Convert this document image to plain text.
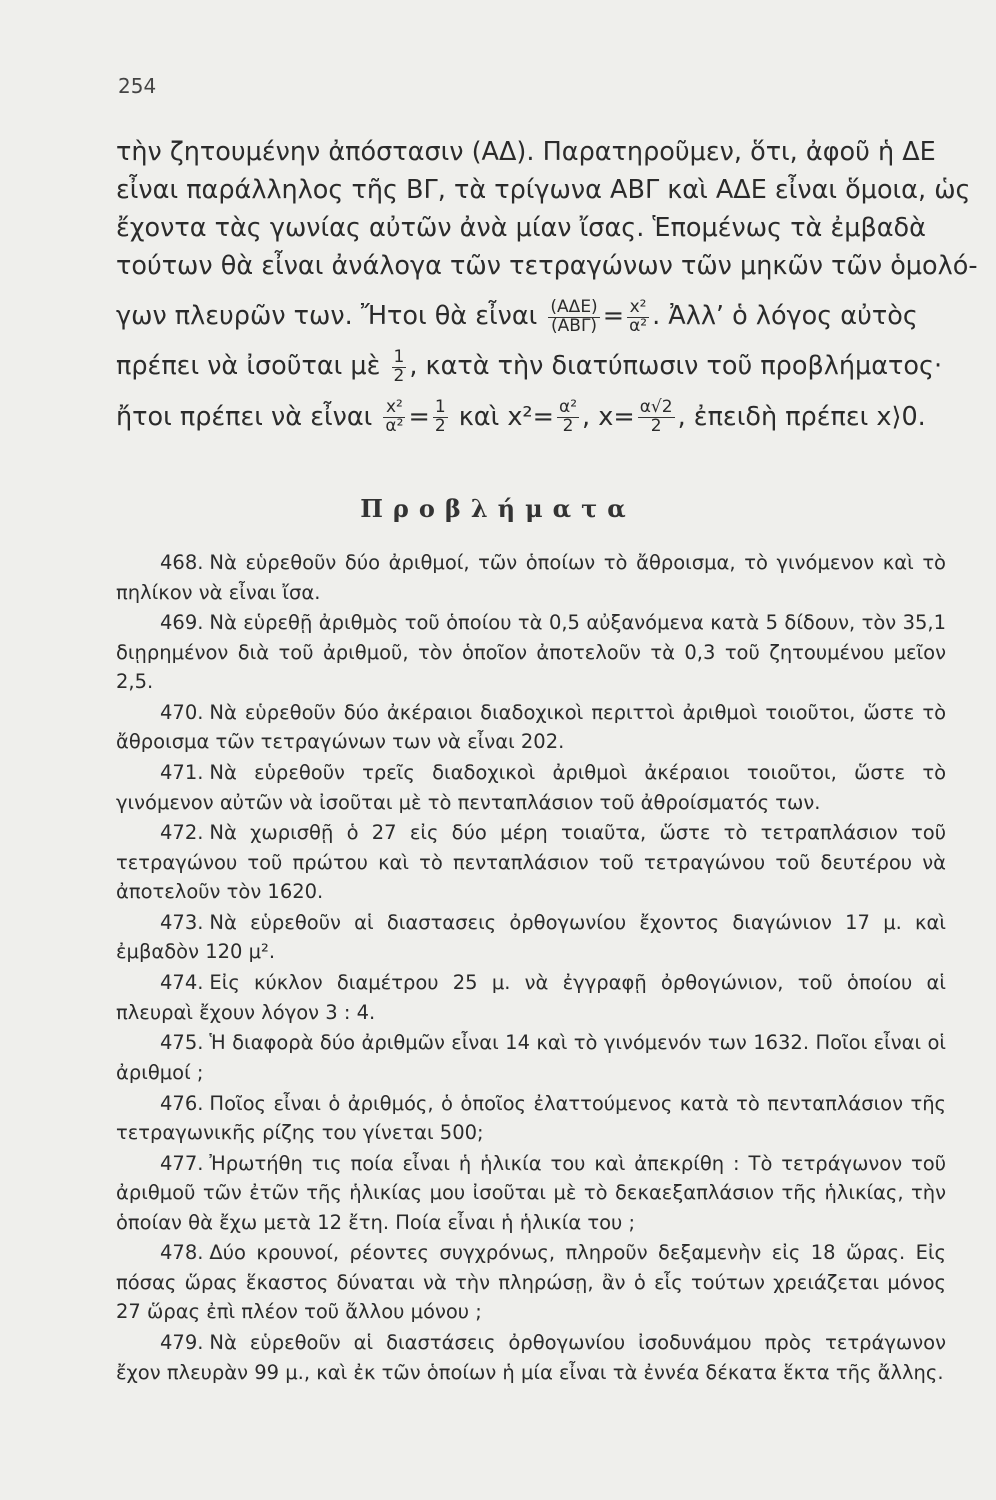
254
τὴν ζητουμένην ἀπόστασιν (ΑΔ). Παρατηροῦμεν, ὅτι, ἀφοῦ ἡ ΔΕ
εἶναι παράλληλος τῆς ΒΓ, τὰ τρίγωνα ΑΒΓ καὶ ΑΔΕ εἶναι ὅμοια, ὡς
ἔχοντα τὰς γωνίας αὐτῶν ἀνὰ μίαν ἴσας. Ἑπομένως τὰ ἐμβαδὰ
τούτων θὰ εἶναι ἀνάλογα τῶν τετραγώνων τῶν μηκῶν τῶν ὁμολό-
γων πλευρῶν των. Ἤτοι θὰ εἶναι $\frac{\text{(ΑΔΕ)}}{\text{(ΑΒΓ)}} = \frac{\text{x²}}{\text{α²}}$ . Ἀλλ’ ὁ λόγος αὐτὸς
πρέπει νὰ ἰσοῦται μὲ $\frac{1}{2}$ , κατὰ τὴν διατύπωσιν τοῦ προβλήματος·
ἤτοι πρέπει νὰ εἶναι $\frac{\text{x²}}{\text{α²}} = \frac{1}{2}$ καὶ $x^2= \frac{\text{α²}}{2}$ , $x= \frac{\alpha√2}{2}$ , ἐπειδὴ πρέπει x⟩0.
Προβλήματα

468. Νὰ εὑρεθοῦν δύο ἀριθμοί, τῶν ὁποίων τὸ ἄθροισμα, τὸ γινόμενον καὶ τὸ πηλίκον νὰ εἶναι ἴσα.

469. Νὰ εὑρεθῇ ἀριθμὸς τοῦ ὁποίου τὰ 0,5 αὐξανόμενα κατὰ 5 δίδουν, τὸν 35,1 διῃρημένον διὰ τοῦ ἀριθμοῦ, τὸν ὁποῖον ἀποτελοῦν τὰ 0,3 τοῦ ζητουμένου μεῖον 2,5.

470. Νὰ εὑρεθοῦν δύο ἀκέραιοι διαδοχικοὶ περιττοὶ ἀριθμοὶ τοιοῦτοι, ὥστε τὸ ἄθροισμα τῶν τετραγώνων των νὰ εἶναι 202.

471. Νὰ εὑρεθοῦν τρεῖς διαδοχικοὶ ἀριθμοὶ ἀκέραιοι τοιοῦτοι, ὥστε τὸ γινόμενον αὐτῶν νὰ ἰσοῦται μὲ τὸ πενταπλάσιον τοῦ ἀθροίσματός των.

472. Νὰ χωρισθῇ ὁ 27 εἰς δύο μέρη τοιαῦτα, ὥστε τὸ τετραπλάσιον τοῦ τετραγώνου τοῦ πρώτου καὶ τὸ πενταπλάσιον τοῦ τετραγώνου τοῦ δευτέρου νὰ ἀποτελοῦν τὸν 1620.

473. Νὰ εὑρεθοῦν αἱ διαστασεις ὀρθογωνίου ἔχοντος διαγώνιον 17 μ. καὶ ἐμβαδὸν 120 μ².

474. Εἰς κύκλον διαμέτρου 25 μ. νὰ ἐγγραφῇ ὀρθογώνιον, τοῦ ὁποίου αἱ πλευραὶ ἔχουν λόγον 3 : 4.

475. Ἡ διαφορὰ δύο ἀριθμῶν εἶναι 14 καὶ τὸ γινόμενόν των 1632. Ποῖοι εἶναι οἱ ἀριθμοί ;

476. Ποῖος εἶναι ὁ ἀριθμός, ὁ ὁποῖος ἐλαττούμενος κατὰ τὸ πενταπλάσιον τῆς τετραγωνικῆς ρίζης του γίνεται 500;

477. Ἠρωτήθη τις ποία εἶναι ἡ ἡλικία του καὶ ἀπεκρίθη : Τὸ τετράγωνον τοῦ ἀριθμοῦ τῶν ἐτῶν τῆς ἡλικίας μου ἰσοῦται μὲ τὸ δεκαεξαπλάσιον τῆς ἡλικίας, τὴν ὁποίαν θὰ ἔχω μετὰ 12 ἔτη. Ποία εἶναι ἡ ἡλικία του ;

478. Δύο κρουνοί, ρέοντες συγχρόνως, πληροῦν δεξαμενὴν εἰς 18 ὥρας. Εἰς πόσας ὥρας ἕκαστος δύναται νὰ τὴν πληρώσῃ, ἂν ὁ εἷς τούτων χρειάζεται μόνος 27 ὥρας ἐπὶ πλέον τοῦ ἄλλου μόνου ;

479. Νὰ εὑρεθοῦν αἱ διαστάσεις ὀρθογωνίου ἰσοδυνάμου πρὸς τετράγωνον ἔχον πλευρὰν 99 μ., καὶ ἐκ τῶν ὁποίων ἡ μία εἶναι τὰ ἐννέα δέκατα ἕκτα τῆς ἄλλης.
